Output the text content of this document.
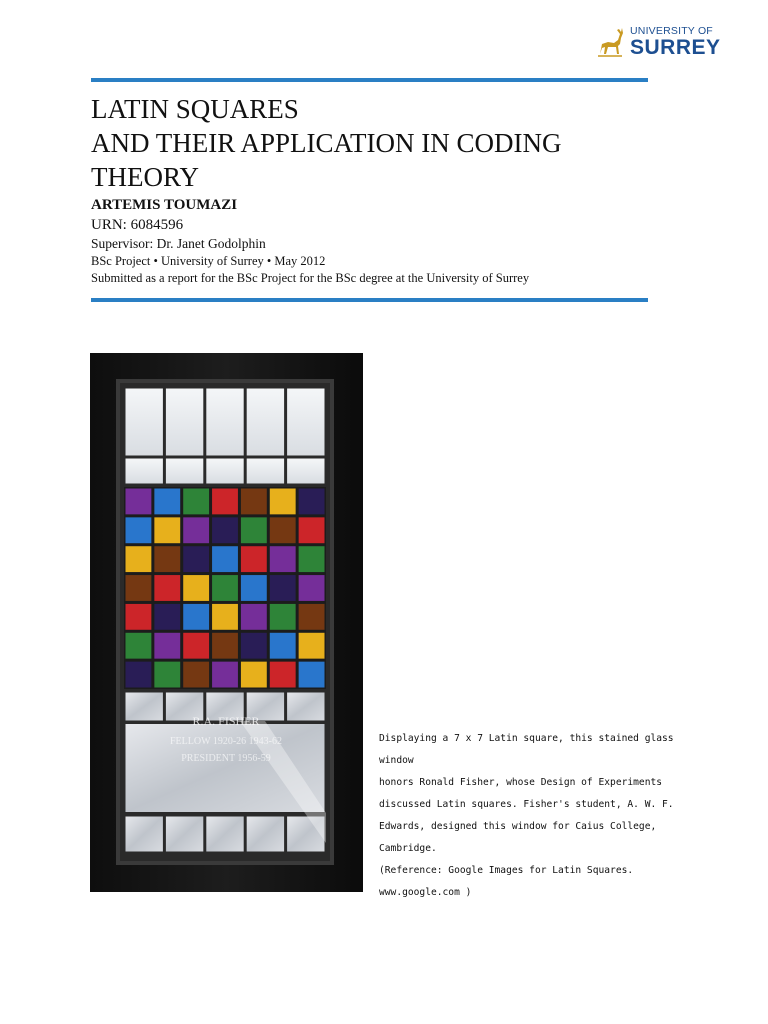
UNIVERSITY OF
SURREY
LATIN SQUARES
AND THEIR APPLICATION IN CODING
THEORY
ARTEMIS TOUMAZI
URN: 6084596
Supervisor: Dr. Janet Godolphin
BSc Project • University of Surrey • May 2012
Submitted as a report for the BSc Project for the BSc degree at the University of Surrey
R.A. FISHER
FELLOW 1920-26 1943-62
PRESIDENT 1956-59

Displaying a 7 x 7 Latin square, this stained glass window

honors Ronald Fisher, whose Design of Experiments

discussed Latin squares. Fisher's student, A. W. F.

Edwards, designed this window for Caius College,

Cambridge.

(Reference: Google Images for Latin Squares.

www.google.com )
